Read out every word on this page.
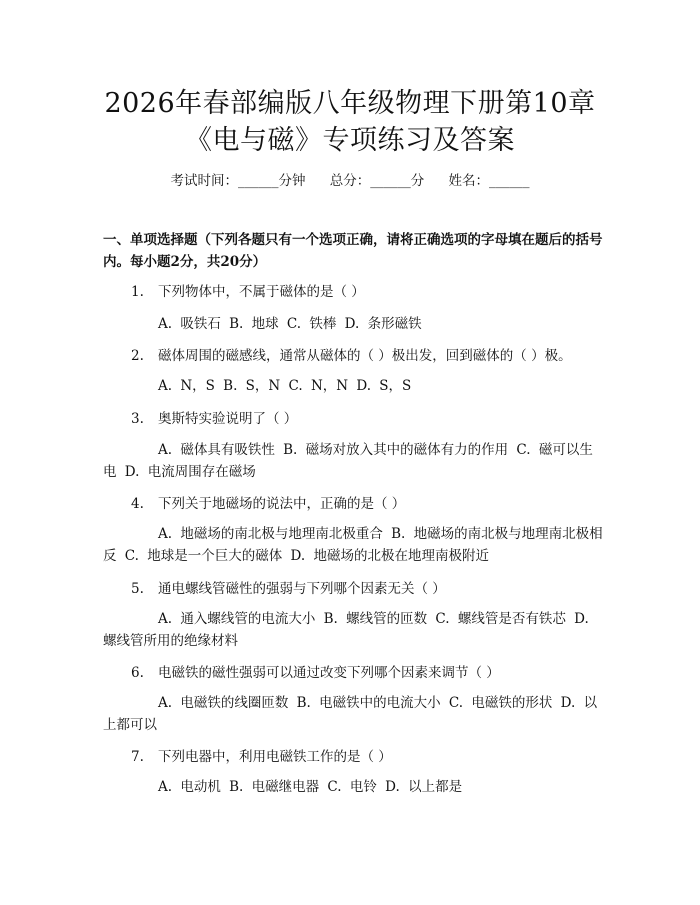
2026年春部编版八年级物理下册第10章
《电与磁》专项练习及答案
考试时间：______分钟 总分：______分 姓名：______
一、单项选择题（下列各题只有一个选项正确，请将正确选项的字母填在题后的括号内。每小题2分，共20分）
1. 下列物体中，不属于磁体的是（ ）
A. 吸铁石 B. 地球 C. 铁棒 D. 条形磁铁
2. 磁体周围的磁感线，通常从磁体的（ ）极出发，回到磁体的（ ）极。
A. N，S B. S，N C. N，N D. S，S
3. 奥斯特实验说明了（ ）
A. 磁体具有吸铁性 B. 磁场对放入其中的磁体有力的作用 C. 磁可以生电 D. 电流周围存在磁场
4. 下列关于地磁场的说法中，正确的是（ ）
A. 地磁场的南北极与地理南北极重合 B. 地磁场的南北极与地理南北极相反 C. 地球是一个巨大的磁体 D. 地磁场的北极在地理南极附近
5. 通电螺线管磁性的强弱与下列哪个因素无关（ ）
A. 通入螺线管的电流大小 B. 螺线管的匝数 C. 螺线管是否有铁芯 D. 螺线管所用的绝缘材料
6. 电磁铁的磁性强弱可以通过改变下列哪个因素来调节（ ）
A. 电磁铁的线圈匝数 B. 电磁铁中的电流大小 C. 电磁铁的形状 D. 以上都可以
7. 下列电器中，利用电磁铁工作的是（ ）
A. 电动机 B. 电磁继电器 C. 电铃 D. 以上都是
